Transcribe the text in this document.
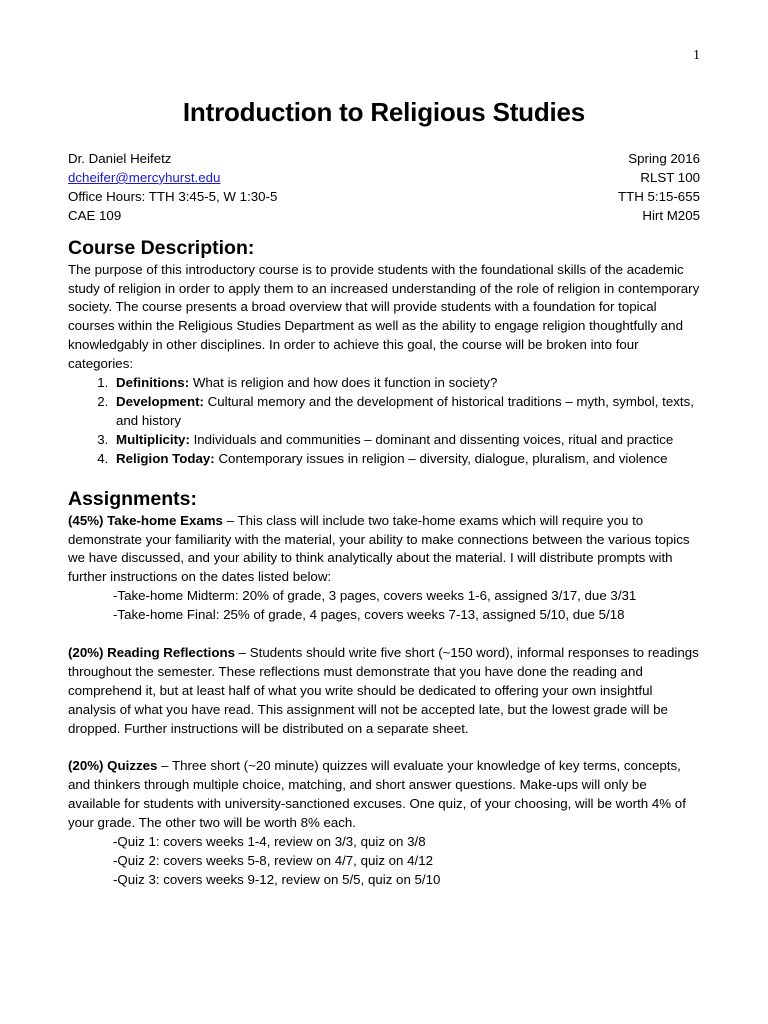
1
Introduction to Religious Studies
Dr. Daniel Heifetz	Spring 2016
dcheifer@mercyhurst.edu	RLST 100
Office Hours: TTH 3:45-5, W 1:30-5	TTH 5:15-655
CAE 109	Hirt M205
Course Description:

The purpose of this introductory course is to provide students with the foundational skills of the academic study of religion in order to apply them to an increased understanding of the role of religion in contemporary society. The course presents a broad overview that will provide students with a foundation for topical courses within the Religious Studies Department as well as the ability to engage religion thoughtfully and knowledgably in other disciplines. In order to achieve this goal, the course will be broken into four categories:

1. Definitions: What is religion and how does it function in society?
2. Development: Cultural memory and the development of historical traditions – myth, symbol, texts, and history
3. Multiplicity: Individuals and communities – dominant and dissenting voices, ritual and practice
4. Religion Today: Contemporary issues in religion – diversity, dialogue, pluralism, and violence
Assignments:

(45%) Take-home Exams – This class will include two take-home exams which will require you to demonstrate your familiarity with the material, your ability to make connections between the various topics we have discussed, and your ability to think analytically about the material. I will distribute prompts with further instructions on the dates listed below:

-Take-home Midterm: 20% of grade, 3 pages, covers weeks 1-6, assigned 3/17, due 3/31
-Take-home Final: 25% of grade, 4 pages, covers weeks 7-13, assigned 5/10, due 5/18

(20%) Reading Reflections – Students should write five short (~150 word), informal responses to readings throughout the semester. These reflections must demonstrate that you have done the reading and comprehend it, but at least half of what you write should be dedicated to offering your own insightful analysis of what you have read. This assignment will not be accepted late, but the lowest grade will be dropped. Further instructions will be distributed on a separate sheet.

(20%) Quizzes – Three short (~20 minute) quizzes will evaluate your knowledge of key terms, concepts, and thinkers through multiple choice, matching, and short answer questions. Make-ups will only be available for students with university-sanctioned excuses. One quiz, of your choosing, will be worth 4% of your grade. The other two will be worth 8% each.

-Quiz 1: covers weeks 1-4, review on 3/3, quiz on 3/8
-Quiz 2: covers weeks 5-8, review on 4/7, quiz on 4/12
-Quiz 3: covers weeks 9-12, review on 5/5, quiz on 5/10
